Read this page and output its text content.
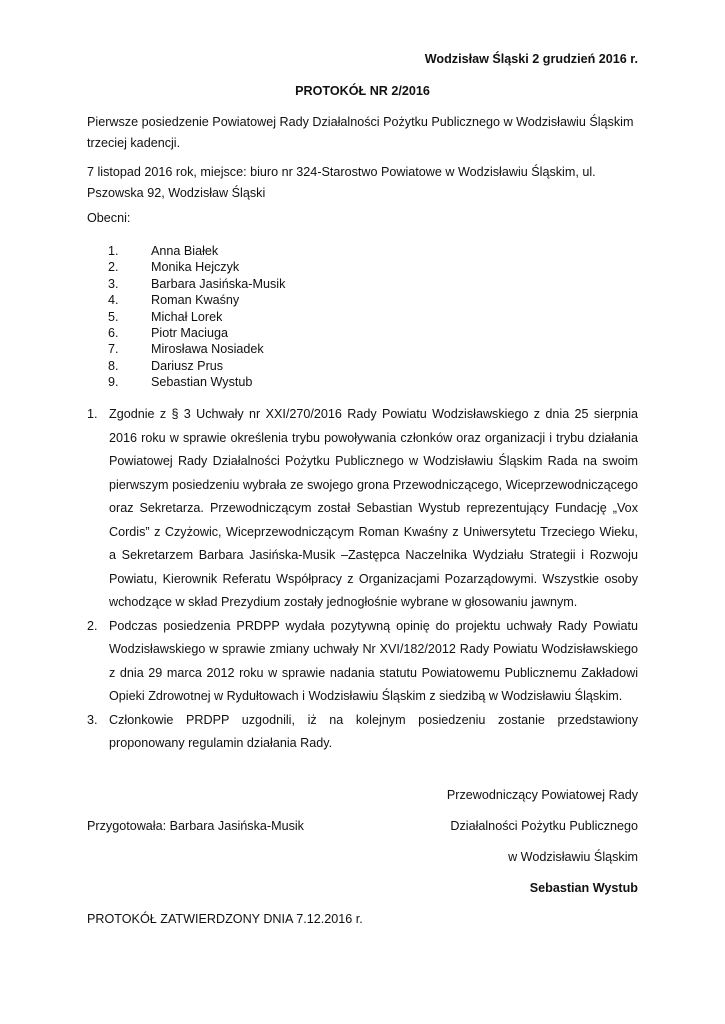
Wodzisław Śląski 2 grudzień 2016 r.
PROTOKÓŁ NR 2/2016
Pierwsze posiedzenie Powiatowej Rady Działalności Pożytku Publicznego w Wodzisławiu Śląskim trzeciej kadencji.
7 listopad 2016 rok, miejsce: biuro nr 324-Starostwo Powiatowe w Wodzisławiu Śląskim, ul. Pszowska 92, Wodzisław Śląski
Obecni:
1.	Anna Białek
2.	Monika Hejczyk
3.	Barbara Jasińska-Musik
4.	Roman Kwaśny
5.	Michał Lorek
6.	Piotr Maciuga
7.	Mirosława Nosiadek
8.	Dariusz Prus
9.	Sebastian Wystub
1. Zgodnie z § 3 Uchwały nr XXI/270/2016 Rady Powiatu Wodzisławskiego z dnia 25 sierpnia 2016 roku w sprawie określenia trybu powoływania członków oraz organizacji i trybu działania Powiatowej Rady Działalności Pożytku Publicznego w Wodzisławiu Śląskim Rada na swoim pierwszym posiedzeniu wybrała ze swojego grona Przewodniczącego, Wiceprzewodniczącego oraz Sekretarza. Przewodniczącym został Sebastian Wystub reprezentujący Fundację „Vox Cordis” z Czyżowic, Wiceprzewodniczącym Roman Kwaśny z Uniwersytetu Trzeciego Wieku, a Sekretarzem Barbara Jasińska-Musik –Zastępca Naczelnika Wydziału Strategii i Rozwoju Powiatu, Kierownik Referatu Współpracy z Organizacjami Pozarządowymi. Wszystkie osoby wchodzące w skład Prezydium zostały jednogłośnie wybrane w głosowaniu jawnym.
2. Podczas posiedzenia PRDPP wydała pozytywną opinię do projektu uchwały Rady Powiatu Wodzisławskiego w sprawie zmiany uchwały Nr XVI/182/2012 Rady Powiatu Wodzisławskiego z dnia 29 marca 2012 roku w sprawie nadania statutu Powiatowemu Publicznemu Zakładowi Opieki Zdrowotnej w Rydułtowach i Wodzisławiu Śląskim z siedzibą w Wodzisławiu Śląskim.
3. Członkowie PRDPP uzgodnili, iż na kolejnym posiedzeniu zostanie przedstawiony proponowany regulamin działania Rady.
Przewodniczący Powiatowej Rady
Działalności Pożytku Publicznego
Przygotowała: Barbara Jasińska-Musik
w Wodzisławiu Śląskim
Sebastian Wystub
PROTOKÓŁ ZATWIERDZONY DNIA 7.12.2016 r.
